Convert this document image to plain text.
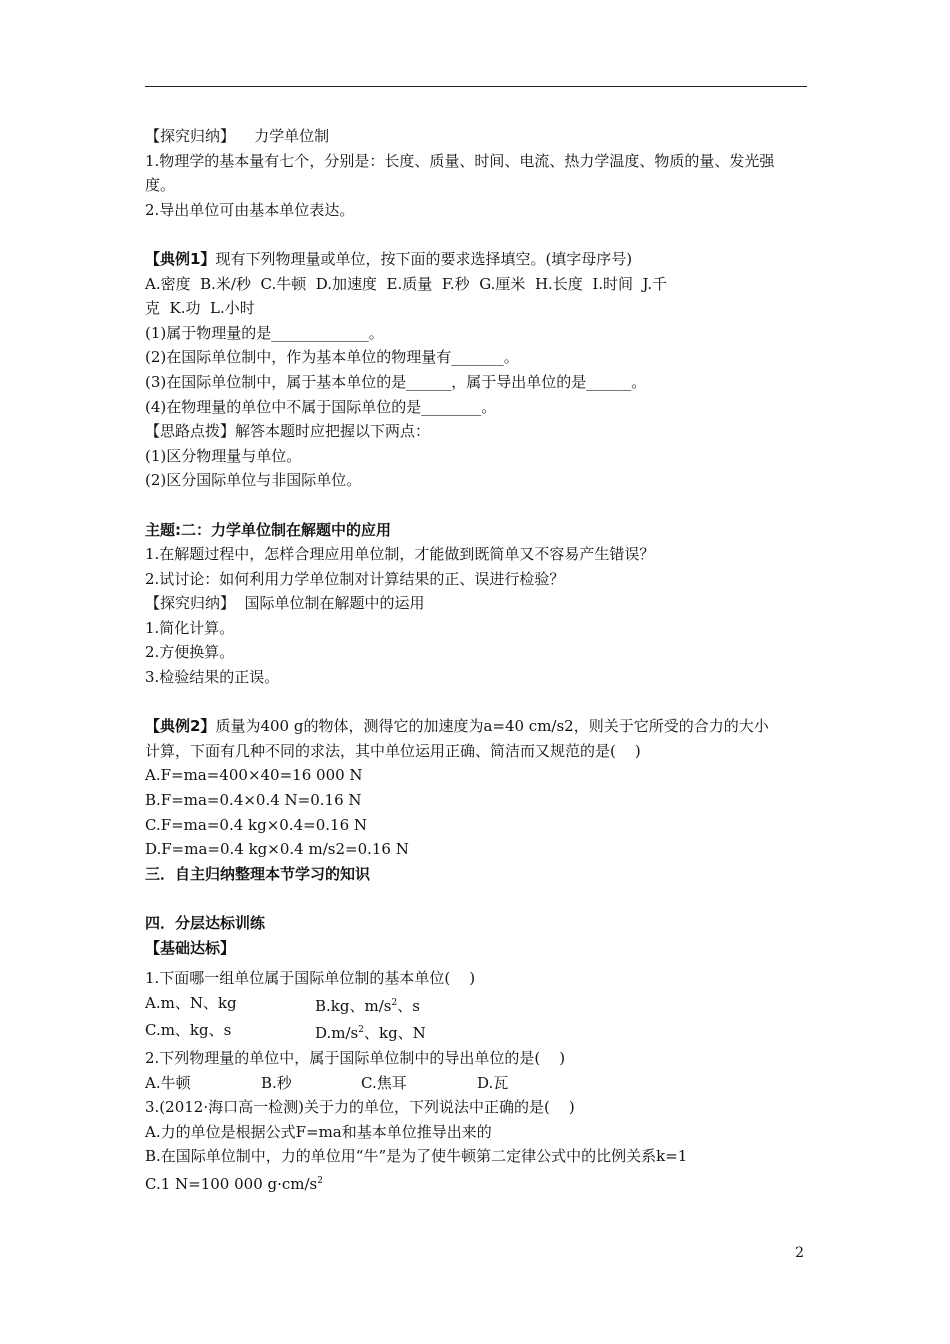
【探究归纳】    力学单位制

1.物理学的基本量有七个，分别是：长度、质量、时间、电流、热力学温度、物质的量、发光强

度。

2.导出单位可由基本单位表达。

【典例1】现有下列物理量或单位，按下面的要求选择填空。(填字母序号)

A.密度  B.米/秒  C.牛顿  D.加速度  E.质量  F.秒  G.厘米  H.长度  I.时间  J.千

克  K.功  L.小时

(1)属于物理量的是_____________。

(2)在国际单位制中，作为基本单位的物理量有_______。

(3)在国际单位制中，属于基本单位的是______，属于导出单位的是______。

(4)在物理量的单位中不属于国际单位的是________。

【思路点拨】解答本题时应把握以下两点：

(1)区分物理量与单位。

(2)区分国际单位与非国际单位。

主题:二：力学单位制在解题中的应用

1.在解题过程中，怎样合理应用单位制，才能做到既简单又不容易产生错误？

2.试讨论：如何利用力学单位制对计算结果的正、误进行检验？

【探究归纳】  国际单位制在解题中的运用

1.简化计算。

2.方便换算。

3.检验结果的正误。

【典例2】质量为400 g的物体，测得它的加速度为a=40 cm/s2，则关于它所受的合力的大小

计算，下面有几种不同的求法，其中单位运用正确、简洁而又规范的是(    )

A.F=ma=400×40=16 000 N

B.F=ma=0.4×0.4 N=0.16 N

C.F=ma=0.4 kg×0.4=0.16 N

D.F=ma=0.4 kg×0.4 m/s2=0.16 N

三．自主归纳整理本节学习的知识

四．分层达标训练

【基础达标】

1.下面哪一组单位属于国际单位制的基本单位(    )

A.m、N、kg	B.kg、$m/s^2$、s

C.m、kg、s	$D.m/s^2$、kg、N

2.下列物理量的单位中，属于国际单位制中的导出单位的是(    )

A.牛顿	B.秒	C.焦耳	D.瓦

3.(2012·海口高一检测)关于力的单位，下列说法中正确的是(    )

A.力的单位是根据公式F=ma和基本单位推导出来的

B.在国际单位制中，力的单位用“牛”是为了使牛顿第二定律公式中的比例关系k=1

C.1 N=100 000 $g\cdot cm/s^2$

2
